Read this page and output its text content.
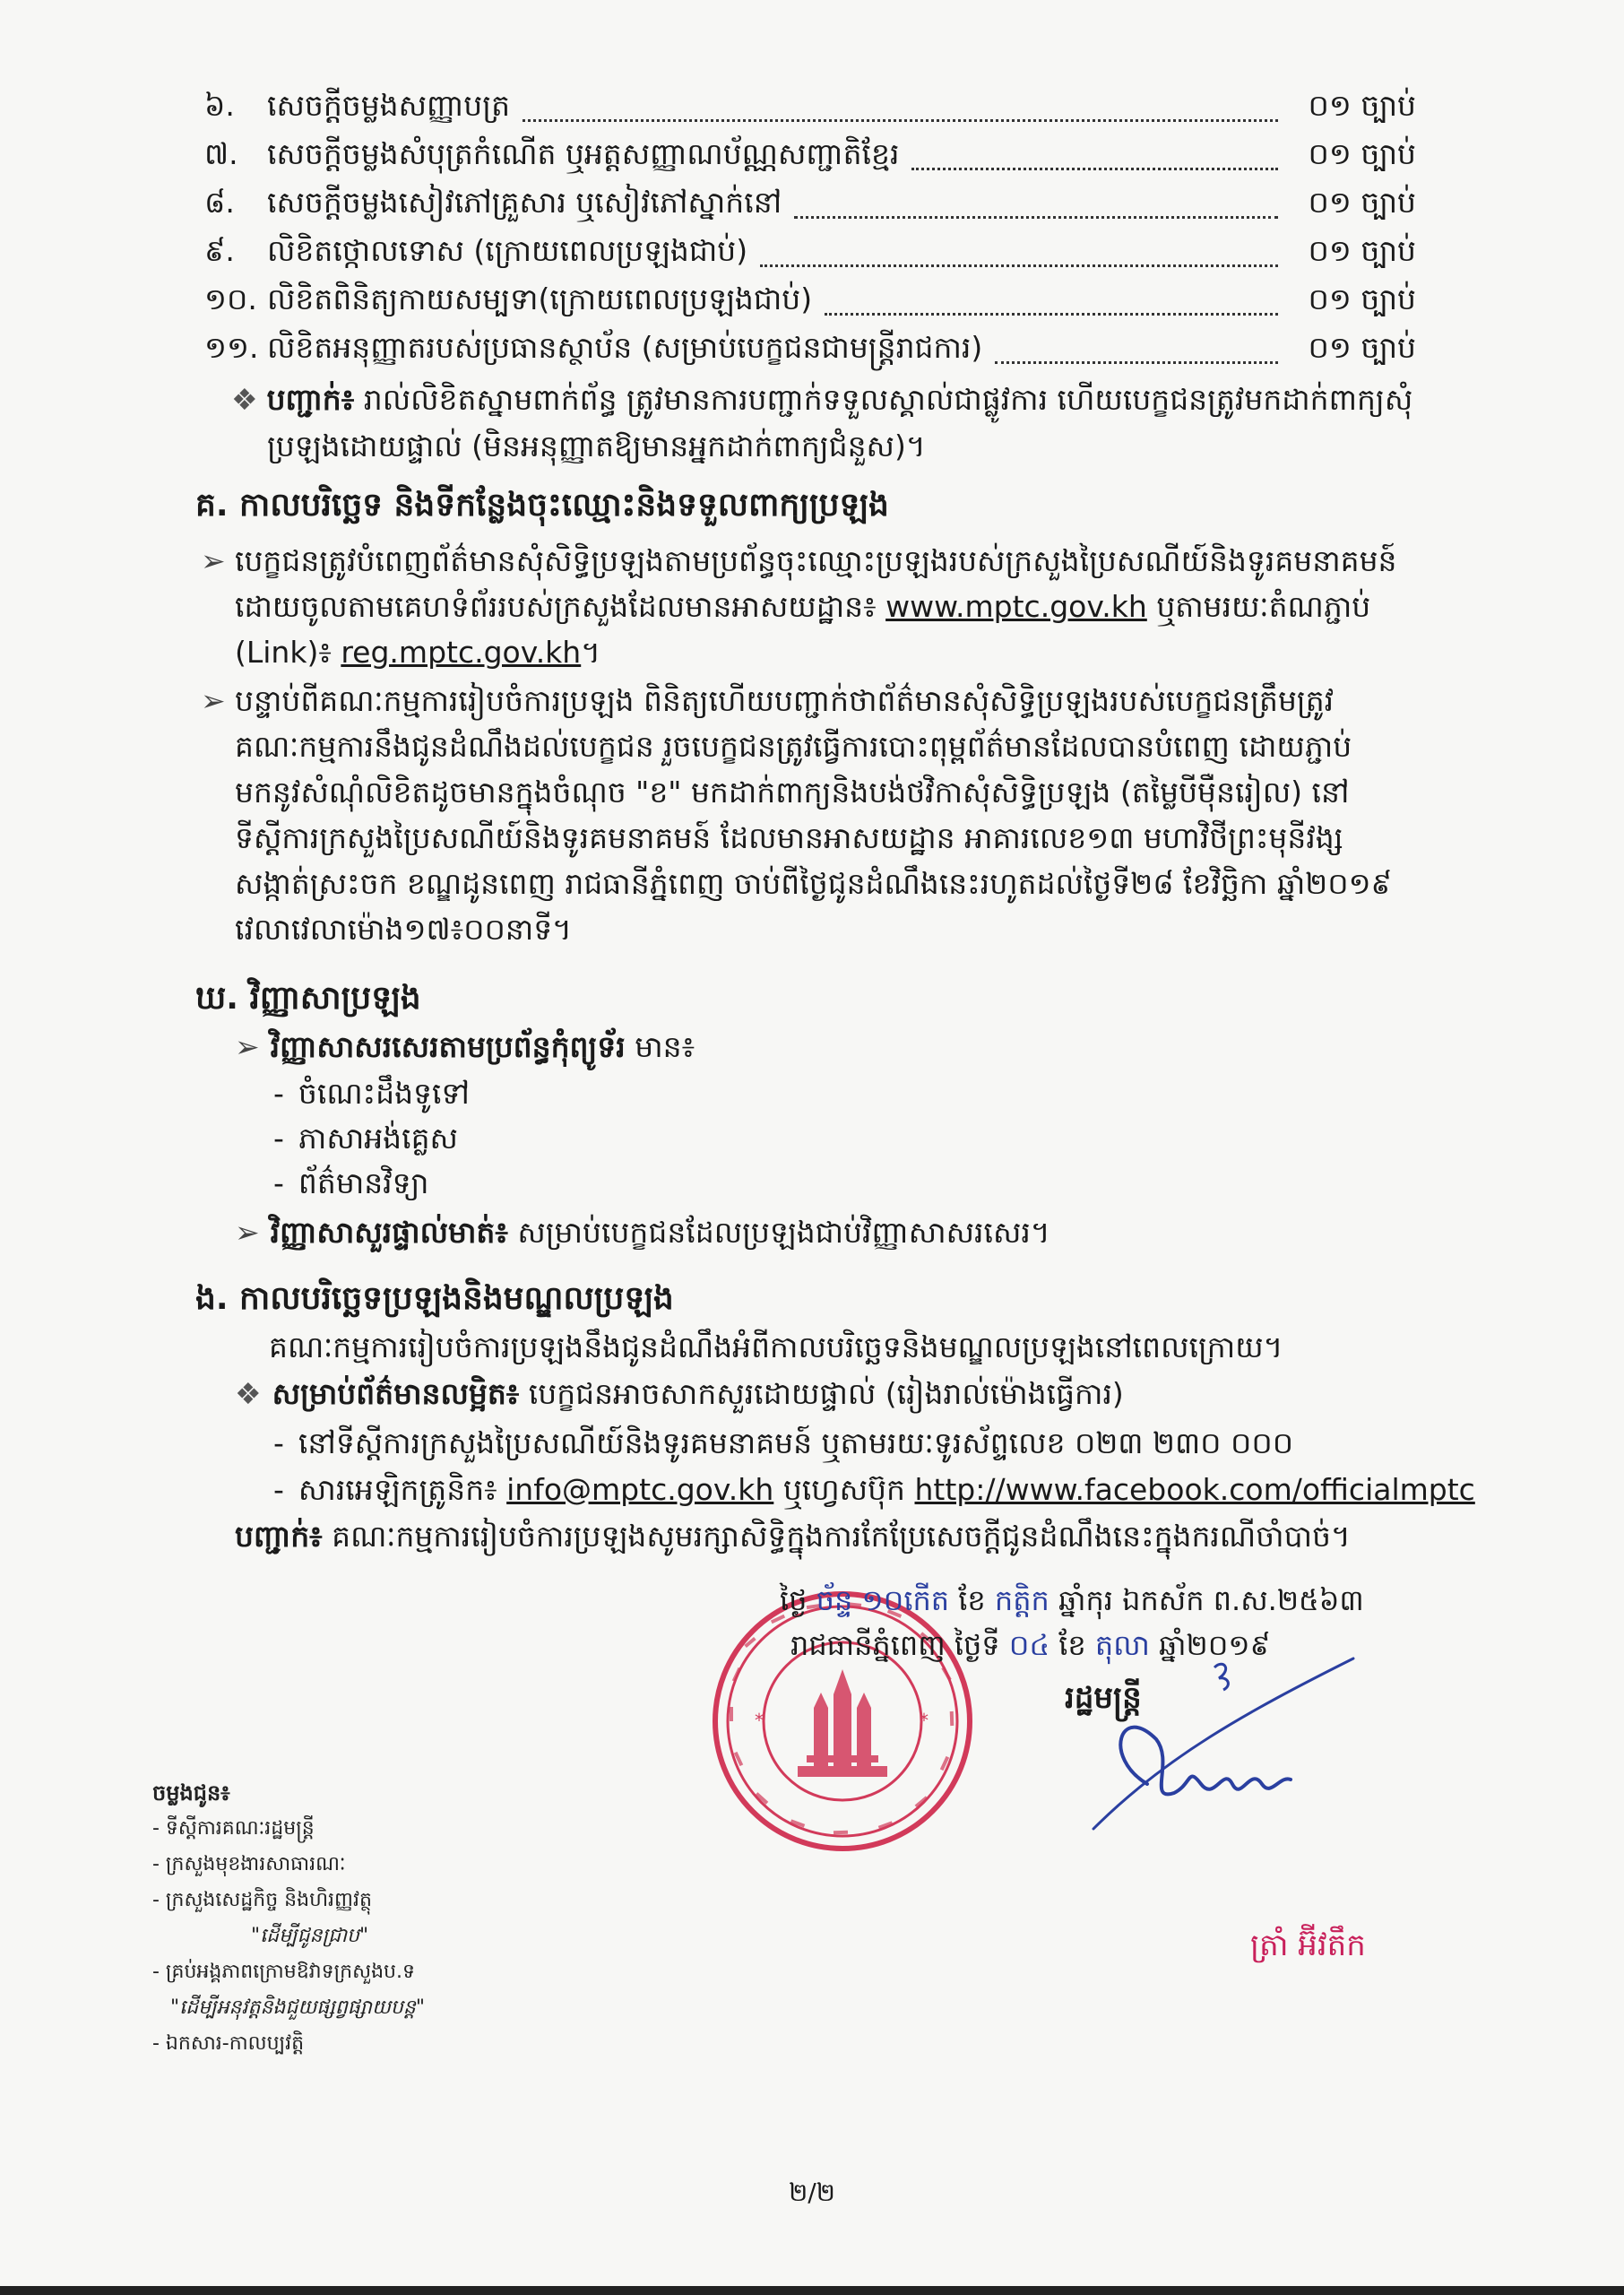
៦.	សេចក្ដីចម្លងសញ្ញាបត្រ	០១ ច្បាប់
៧. សេចក្ដីចម្លងសំបុត្រកំណើត ឬអត្តសញ្ញាណប័ណ្ណសញ្ជាតិខ្មែរ	០១ ច្បាប់
៨.	សេចក្ដីចម្លងសៀវភៅគ្រួសារ ឬសៀវភៅស្នាក់នៅ	០១ ច្បាប់
៩.	លិខិតថ្កោលទោស (ក្រោយពេលប្រឡងជាប់)	០១ ច្បាប់
១០. លិខិតពិនិត្យកាយសម្បទា(ក្រោយពេលប្រឡងជាប់)	០១ ច្បាប់
១១. លិខិតអនុញ្ញាតរបស់ប្រធានស្ថាប័ន (សម្រាប់បេក្ខជនជាមន្ត្រីរាជការ)	០១ ច្បាប់
❖ បញ្ជាក់៖ រាល់លិខិតស្នាមពាក់ព័ន្ធ ត្រូវមានការបញ្ជាក់ទទួលស្គាល់ជាផ្លូវការ ហើយបេក្ខជនត្រូវមកដាក់ពាក្យសុំ
ប្រឡងដោយផ្ទាល់ (មិនអនុញ្ញាតឱ្យមានអ្នកដាក់ពាក្យជំនួស)។
គ. កាលបរិច្ឆេទ និងទីកន្លែងចុះឈ្មោះនិងទទួលពាក្យប្រឡង
➢ បេក្ខជនត្រូវបំពេញព័ត៌មានសុំសិទ្ធិប្រឡងតាមប្រព័ន្ធចុះឈ្មោះប្រឡងរបស់ក្រសួងប្រៃសណីយ៍និងទូរគមនាគមន៍
ដោយចូលតាមគេហទំព័ររបស់ក្រសួងដែលមានអាសយដ្ឋាន៖ www.mptc.gov.kh ឬតាមរយៈតំណភ្ជាប់
(Link)៖ reg.mptc.gov.kh។
➢ បន្ទាប់ពីគណៈកម្មការរៀបចំការប្រឡង ពិនិត្យហើយបញ្ជាក់ថាព័ត៌មានសុំសិទ្ធិប្រឡងរបស់បេក្ខជនត្រឹមត្រូវ
គណៈកម្មការនឹងជូនដំណឹងដល់បេក្ខជន រួចបេក្ខជនត្រូវធ្វើការបោះពុម្ពព័ត៌មានដែលបានបំពេញ ដោយភ្ជាប់
មកនូវសំណុំលិខិតដូចមានក្នុងចំណុច "ខ" មកដាក់ពាក្យនិងបង់ថវិកាសុំសិទ្ធិប្រឡង (តម្លៃបីម៉ឺនរៀល) នៅ
ទីស្ដីការក្រសួងប្រៃសណីយ៍និងទូរគមនាគមន៍ ដែលមានអាសយដ្ឋាន អាគារលេខ១៣ មហាវិថីព្រះមុនីវង្ស
សង្កាត់ស្រះចក ខណ្ឌដូនពេញ រាជធានីភ្នំពេញ ចាប់ពីថ្ងៃជូនដំណឹងនេះរហូតដល់ថ្ងៃទី២៨ ខែវិច្ឆិកា ឆ្នាំ២០១៩
វេលាវេលាម៉ោង១៧៖០០នាទី។
ឃ. វិញ្ញាសាប្រឡង
➢ វិញ្ញាសាសរសេរតាមប្រព័ន្ធកុំព្យូទ័រ មាន៖
- ចំណេះដឹងទូទៅ
- ភាសាអង់គ្លេស
- ព័ត៌មានវិទ្យា
➢ វិញ្ញាសាសួរផ្ទាល់មាត់៖ សម្រាប់បេក្ខជនដែលប្រឡងជាប់វិញ្ញាសាសរសេរ។
ង. កាលបរិច្ឆេទប្រឡងនិងមណ្ឌលប្រឡង
គណៈកម្មការរៀបចំការប្រឡងនឹងជូនដំណឹងអំពីកាលបរិច្ឆេទនិងមណ្ឌលប្រឡងនៅពេលក្រោយ។
❖ សម្រាប់ព័ត៌មានលម្អិត៖ បេក្ខជនអាចសាកសួរដោយផ្ទាល់ (រៀងរាល់ម៉ោងធ្វើការ)
- នៅទីស្ដីការក្រសួងប្រៃសណីយ៍និងទូរគមនាគមន៍ ឬតាមរយៈទូរស័ព្ទលេខ ០២៣ ២៣០ ០០០
- សារអេឡិកត្រូនិក៖ info@mptc.gov.kh ឬហ្វេសប៊ុក http://www.facebook.com/officialmptc
បញ្ជាក់៖ គណៈកម្មការរៀបចំការប្រឡងសូមរក្សាសិទ្ធិក្នុងការកែប្រែសេចក្ដីជូនដំណឹងនេះក្នុងករណីចាំបាច់។
*	*
ថ្ងៃ ច័ន្ទ ១០កើត ខែ កត្តិក ឆ្នាំកុរ ឯកស័ក ព.ស.២៥៦៣
រាជធានីភ្នំពេញ ថ្ងៃទី ០៤ ខែ តុលា ឆ្នាំ២០១៩
រដ្ឋមន្ត្រី
ត្រាំ អ៊ីវតឹក
ចម្លងជូន៖
- ទីស្ដីការគណៈរដ្ឋមន្ត្រី
- ក្រសួងមុខងារសាធារណៈ
- ក្រសួងសេដ្ឋកិច្ច និងហិរញ្ញវត្ថុ
"ដើម្បីជូនជ្រាប"
- គ្រប់អង្គភាពក្រោមឱវាទក្រសួងប.ទ
"ដើម្បីអនុវត្តនិងជួយផ្សព្វផ្សាយបន្ត"
- ឯកសារ-កាលប្បវត្តិ
២/២
